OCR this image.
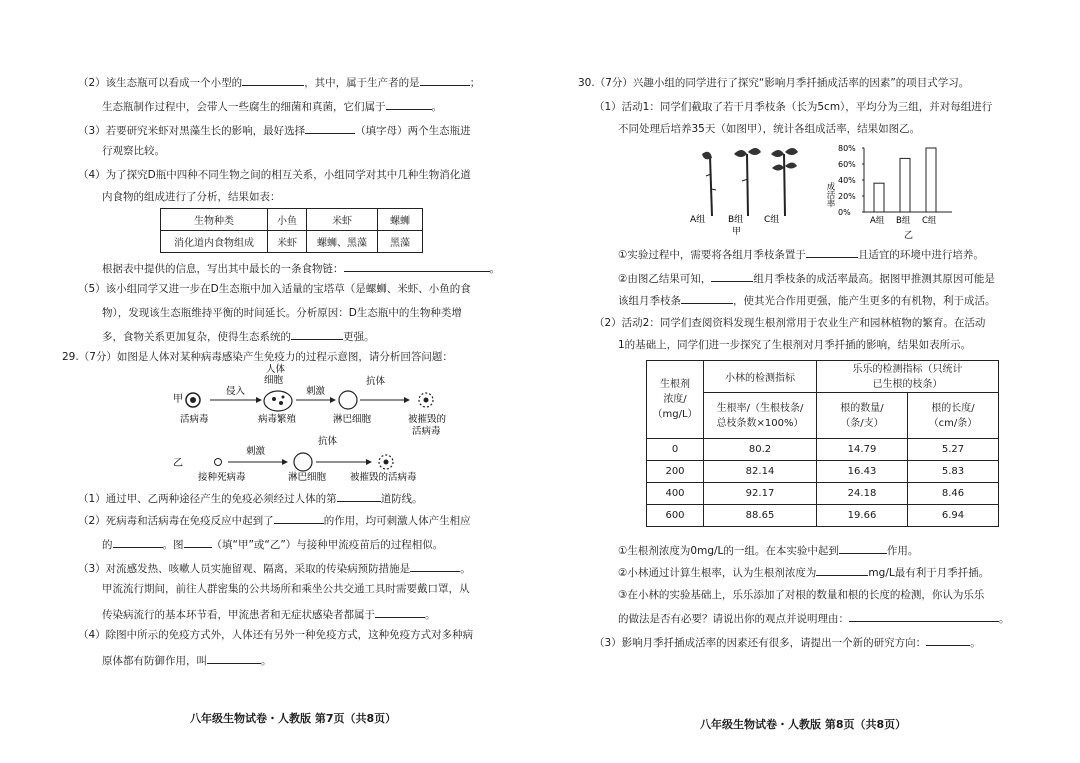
（2）该生态瓶可以看成一个小型的	，其中，属于生产者的是	；
生态瓶制作过程中，会带人一些腐生的细菌和真菌，它们属于	。
（3）若要研究米虾对黑藻生长的影响，最好选择	（填字母）两个生态瓶进
行观察比较。
（4）为了探究D瓶中四种不同生物之间的相互关系，小组同学对其中几种生物消化道
内食物的组成进行了分析，结果如表：
生物种类	小鱼	米虾	螺蛳
消化道内食物组成	米虾	螺蛳、黑藻	黑藻
根据表中提供的信息，写出其中最长的一条食物链：	。
（5）该小组同学又进一步在D生态瓶中加入适量的宝塔草（是螺蛳、米虾、小鱼的食
物），发现该生态瓶维持平衡的时间延长。分析原因：D生态瓶中的生物种类增
多，食物关系更加复杂，使得生态系统的	更强。
29.（7分）如图是人体对某种病毒感染产生免疫力的过程示意图，请分析回答问题：
甲
活病毒
侵入
人体
细胞
病毒繁殖
刺激
抗体
淋巴细胞	被摧毁的
活病毒
乙
接种死病毒
刺激
抗体
淋巴细胞	被摧毁的活病毒
（1）通过甲、乙两种途径产生的免疫必须经过人体的第	道防线。
（2）死病毒和活病毒在免疫反应中起到了	的作用，均可刺激人体产生相应
的	。图	（填“甲”或“乙”）与接种甲流疫苗后的过程相似。
（3）对流感发热、咳嗽人员实施留观、隔离，采取的传染病预防措施是	。
甲流流行期间，前往人群密集的公共场所和乘坐公共交通工具时需要戴口罩，从
传染病流行的基本环节看，甲流患者和无症状感染者都属于	。
（4）除图中所示的免疫方式外，人体还有另外一种免疫方式，这种免疫方式对多种病
原体都有防御作用，叫	。
八年级生物试卷・人教版 第7页（共8页）
30.（7分）兴趣小组的同学进行了探究“影响月季扦插成活率的因素”的项目式学习。
（1）活动1：同学们截取了若干月季枝条（长为5cm），平均分为三组，并对每组进行
不同处理后培养35天（如图甲），统计各组成活率，结果如图乙。
A组	B组 C组
甲
成活率
0%
20%
40%
60%
80%
A组 B组 C组
乙
①实验过程中，需要将各组月季枝条置于	且适宜的环境中进行培养。
②由图乙结果可知，	组月季枝条的成活率最高。据图甲推测其原因可能是
该组月季枝条	，使其光合作用更强，能产生更多的有机物，利于成活。
（2）活动2：同学们查阅资料发现生根剂常用于农业生产和园林植物的繁育。在活动
1的基础上，同学们进一步探究了生根剂对月季扦插的影响，结果如表所示。
生根剂
浓度/
（mg/L）	小林的检测指标	乐乐的检测指标（只统计
已生根的枝条）	
	生根率/（生根枝条/
总枝条数×100%）	根的数量/
（条/支）	根的长度/
（cm/条）
0	80.2	14.79	5.27
200	82.14	16.43	5.83
400	92.17	24.18	8.46
600	88.65	19.66	6.94
①生根剂浓度为0mg/L的一组。在本实验中起到	作用。
②小林通过计算生根率，认为生根剂浓度为	mg/L最有利于月季扦插。
③在小林的实验基础上，乐乐添加了对根的数量和根的长度的检测，你认为乐乐
的做法是否有必要？请说出你的观点并说明理由：	。
（3）影响月季扦插成活率的因素还有很多，请提出一个新的研究方向：	。
八年级生物试卷・人教版 第8页（共8页）
